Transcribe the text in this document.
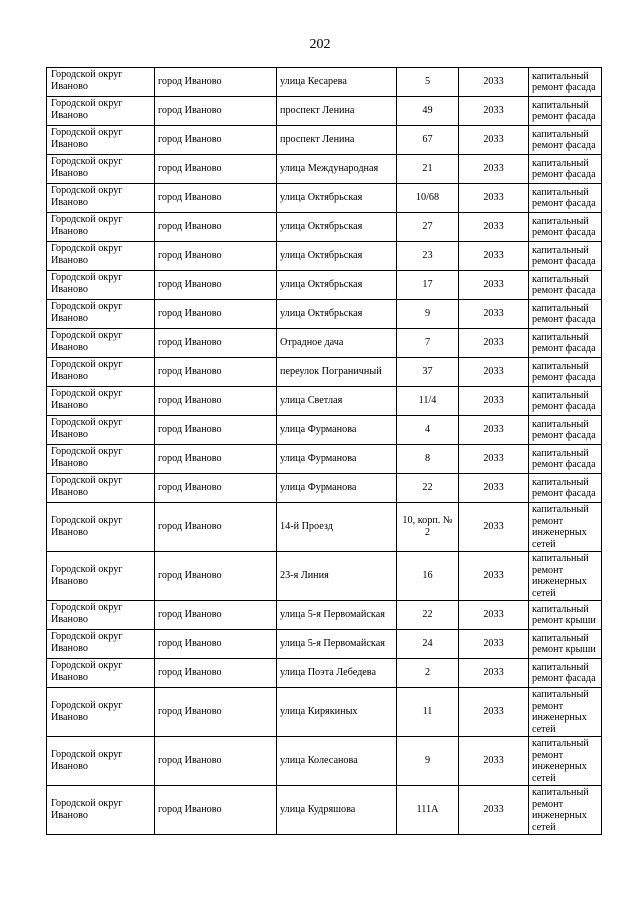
202
Городской округ Иваново	город Иваново	улица Кесарева	5	2033	капитальный ремонт фасада
Городской округ Иваново	город Иваново	проспект Ленина	49	2033	капитальный ремонт фасада
Городской округ Иваново	город Иваново	проспект Ленина	67	2033	капитальный ремонт фасада
Городской округ Иваново	город Иваново	улица Международная	21	2033	капитальный ремонт фасада
Городской округ Иваново	город Иваново	улица Октябрьская	10/68	2033	капитальный ремонт фасада
Городской округ Иваново	город Иваново	улица Октябрьская	27	2033	капитальный ремонт фасада
Городской округ Иваново	город Иваново	улица Октябрьская	23	2033	капитальный ремонт фасада
Городской округ Иваново	город Иваново	улица Октябрьская	17	2033	капитальный ремонт фасада
Городской округ Иваново	город Иваново	улица Октябрьская	9	2033	капитальный ремонт фасада
Городской округ Иваново	город Иваново	Отрадное дача	7	2033	капитальный ремонт фасада
Городской округ Иваново	город Иваново	переулок Пограничный	37	2033	капитальный ремонт фасада
Городской округ Иваново	город Иваново	улица Светлая	11/4	2033	капитальный ремонт фасада
Городской округ Иваново	город Иваново	улица Фурманова	4	2033	капитальный ремонт фасада
Городской округ Иваново	город Иваново	улица Фурманова	8	2033	капитальный ремонт фасада
Городской округ Иваново	город Иваново	улица Фурманова	22	2033	капитальный ремонт фасада
Городской округ Иваново	город Иваново	14-й Проезд	10, корп. № 2	2033	капитальный ремонт инженерных сетей
Городской округ Иваново	город Иваново	23-я Линия	16	2033	капитальный ремонт инженерных сетей
Городской округ Иваново	город Иваново	улица 5-я Первомайская	22	2033	капитальный ремонт крыши
Городской округ Иваново	город Иваново	улица 5-я Первомайская	24	2033	капитальный ремонт крыши
Городской округ Иваново	город Иваново	улица Поэта Лебедева	2	2033	капитальный ремонт фасада
Городской округ Иваново	город Иваново	улица Кирякиных	11	2033	капитальный ремонт инженерных сетей
Городской округ Иваново	город Иваново	улица Колесанова	9	2033	капитальный ремонт инженерных сетей
Городской округ Иваново	город Иваново	улица Кудряшова	111А	2033	капитальный ремонт инженерных сетей
